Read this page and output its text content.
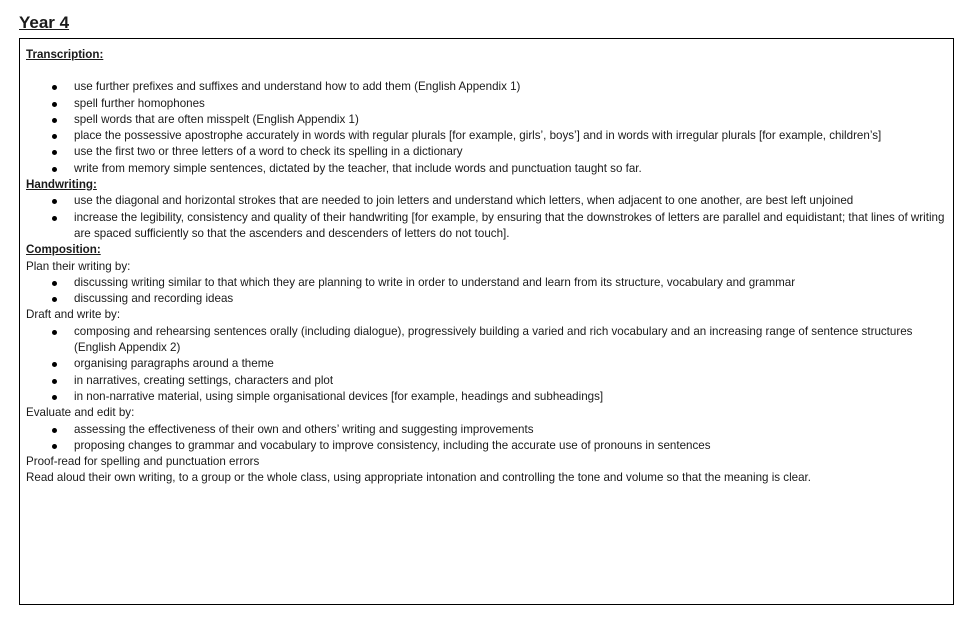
Year 4
Transcription:
use further prefixes and suffixes and understand how to add them (English Appendix 1)
spell further homophones
spell words that are often misspelt (English Appendix 1)
place the possessive apostrophe accurately in words with regular plurals [for example, girls’, boys’] and in words with irregular plurals [for example, children’s]
use the first two or three letters of a word to check its spelling in a dictionary
write from memory simple sentences, dictated by the teacher, that include words and punctuation taught so far.
Handwriting:
use the diagonal and horizontal strokes that are needed to join letters and understand which letters, when adjacent to one another, are best left unjoined
increase the legibility, consistency and quality of their handwriting [for example, by ensuring that the downstrokes of letters are parallel and equidistant; that lines of writing are spaced sufficiently so that the ascenders and descenders of letters do not touch].
Composition:
Plan their writing by:
discussing writing similar to that which they are planning to write in order to understand and learn from its structure, vocabulary and grammar
discussing and recording ideas
Draft and write by:
composing and rehearsing sentences orally (including dialogue), progressively building a varied and rich vocabulary and an increasing range of sentence structures (English Appendix 2)
organising paragraphs around a theme
in narratives, creating settings, characters and plot
in non-narrative material, using simple organisational devices [for example, headings and subheadings]
Evaluate and edit by:
assessing the effectiveness of their own and others’ writing and suggesting improvements
proposing changes to grammar and vocabulary to improve consistency, including the accurate use of pronouns in sentences
Proof-read for spelling and punctuation errors
Read aloud their own writing, to a group or the whole class, using appropriate intonation and controlling the tone and volume so that the meaning is clear.
